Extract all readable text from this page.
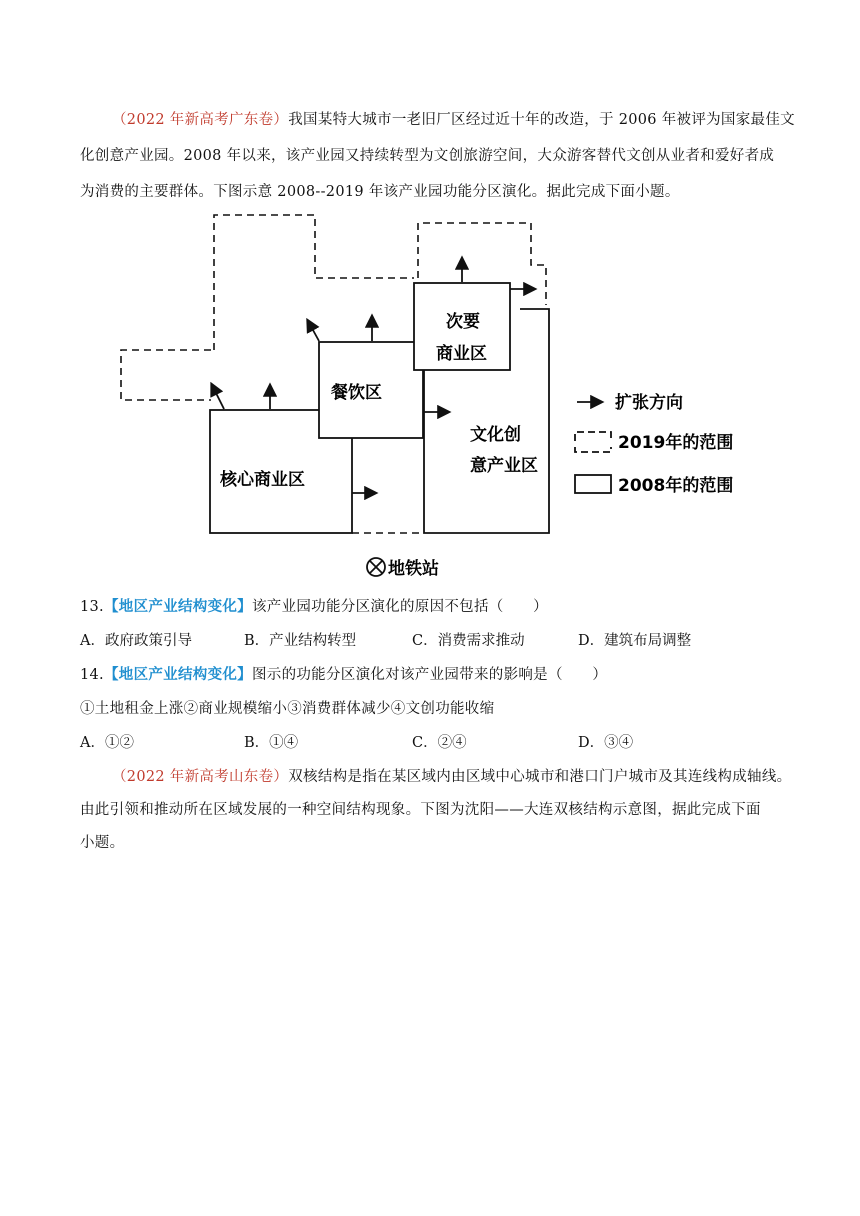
（2022 年新高考广东卷）我国某特大城市一老旧厂区经过近十年的改造，于 2006 年被评为国家最佳文
化创意产业园。2008 年以来，该产业园又持续转型为文创旅游空间，大众游客替代文创从业者和爱好者成
为消费的主要群体。下图示意 2008--2019 年该产业园功能分区演化。据此完成下面小题。
核心商业区
餐饮区
次要
商业区
文化创
意产业区
扩张方向
2019年的范围
2008年的范围
地铁站
13.【地区产业结构变化】该产业园功能分区演化的原因不包括（　　）
A．政府政策引导	B．产业结构转型	C．消费需求推动	D．建筑布局调整
14.【地区产业结构变化】图示的功能分区演化对该产业园带来的影响是（　　）
①土地租金上涨②商业规模缩小③消费群体减少④文创功能收缩
A．①②	B．①④	C．②④	D．③④
（2022 年新高考山东卷）双核结构是指在某区域内由区域中心城市和港口门户城市及其连线构成轴线。
由此引领和推动所在区域发展的一种空间结构现象。下图为沈阳——大连双核结构示意图，据此完成下面
小题。
